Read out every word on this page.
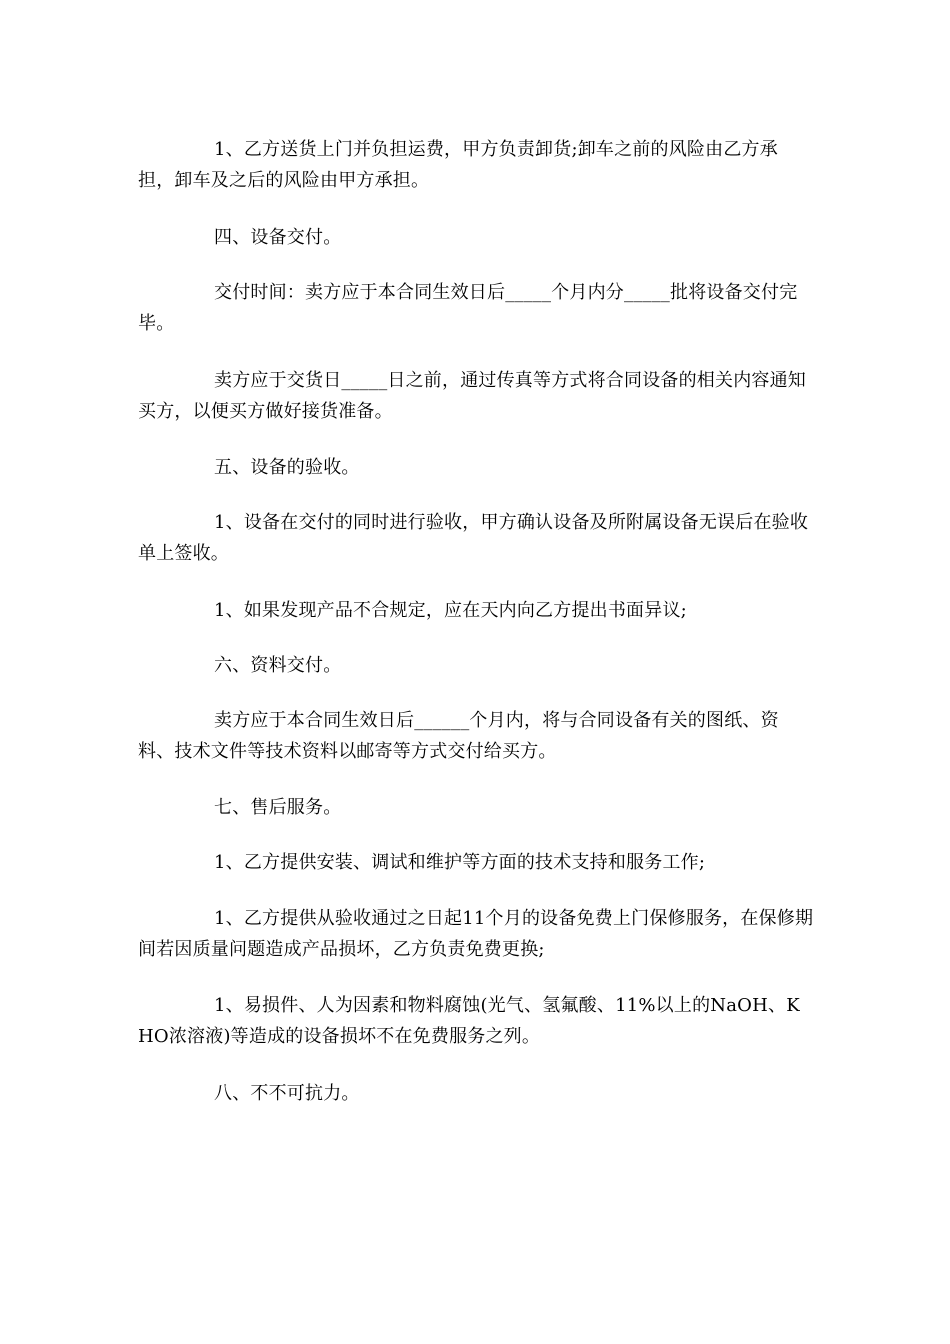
1、乙方送货上门并负担运费，甲方负责卸货;卸车之前的风险由乙方承担，卸车及之后的风险由甲方承担。

四、设备交付。

交付时间：卖方应于本合同生效日后_____个月内分_____批将设备交付完毕。

卖方应于交货日_____日之前，通过传真等方式将合同设备的相关内容通知买方，以便买方做好接货准备。

五、设备的验收。

1、设备在交付的同时进行验收，甲方确认设备及所附属设备无误后在验收单上签收。

1、如果发现产品不合规定，应在天内向乙方提出书面异议;

六、资料交付。

卖方应于本合同生效日后______个月内，将与合同设备有关的图纸、资料、技术文件等技术资料以邮寄等方式交付给买方。

七、售后服务。

1、乙方提供安装、调试和维护等方面的技术支持和服务工作;

1、乙方提供从验收通过之日起11个月的设备免费上门保修服务，在保修期间若因质量问题造成产品损坏，乙方负责免费更换;

1、易损件、人为因素和物料腐蚀(光气、氢氟酸、11%以上的NaOH、KHO浓溶液)等造成的设备损坏不在免费服务之列。

八、不不可抗力。
